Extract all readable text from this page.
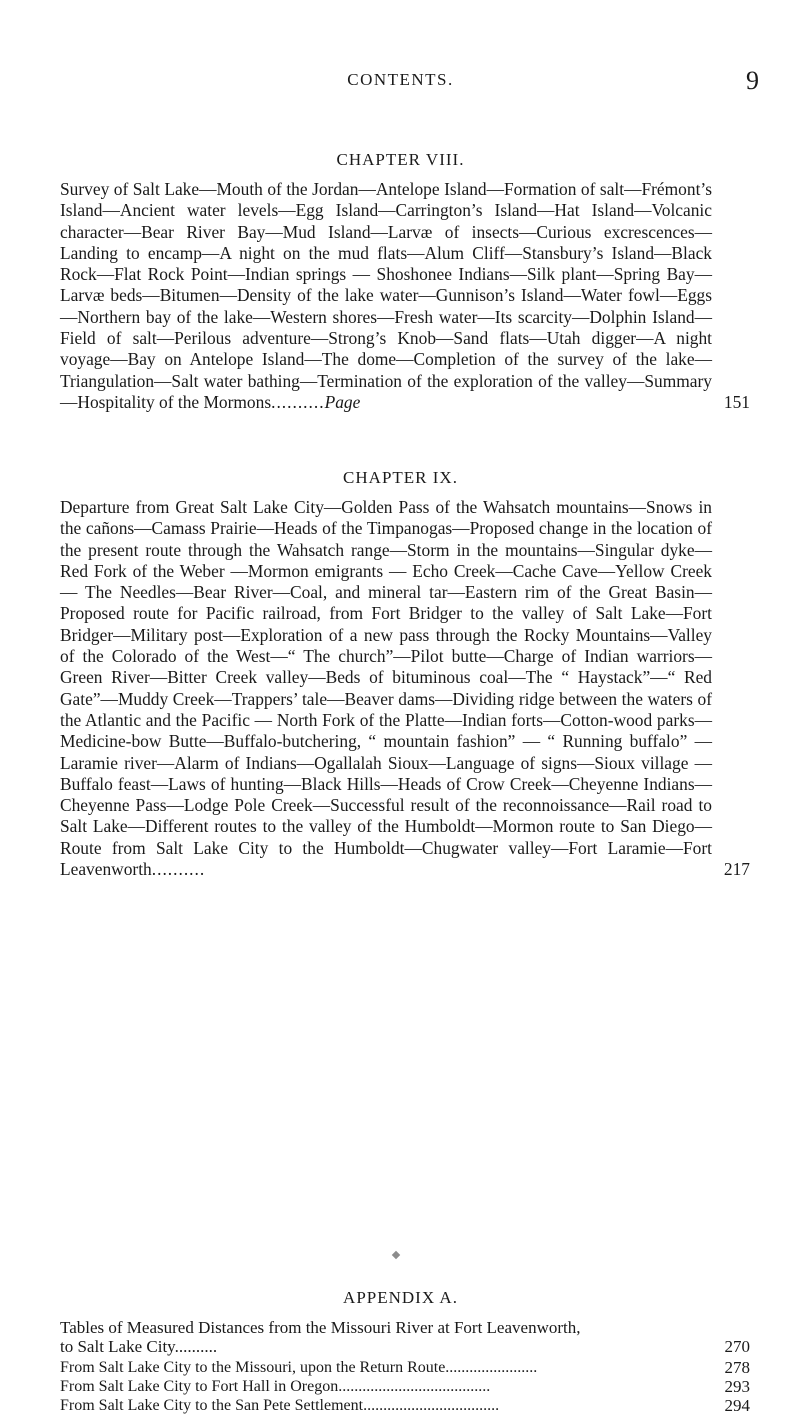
CONTENTS.	9
CHAPTER VIII.

Survey of Salt Lake—Mouth of the Jordan—Antelope Island—Formation of salt—Frémont’s Island—Ancient water levels—Egg Island—Carrington’s Island—Hat Island—Volcanic character—Bear River Bay—Mud Island—Larvæ of insects—Curious excrescences—Landing to encamp—A night on the mud flats—Alum Cliff—Stansbury’s Island—Black Rock—Flat Rock Point—Indian springs — Shoshonee Indians—Silk plant—Spring Bay—Larvæ beds—Bitumen—Density of the lake water—Gunnison’s Island—Water fowl—Eggs—Northern bay of the lake—Western shores—Fresh water—Its scarcity—Dolphin Island—Field of salt—Perilous adventure—Strong’s Knob—Sand flats—Utah digger—A night voyage—Bay on Antelope Island—The dome—Completion of the survey of the lake—Triangulation—Salt water bathing—Termination of the exploration of the valley—Summary—Hospitality of the Mormons..........Page	151

CHAPTER IX.

Departure from Great Salt Lake City—Golden Pass of the Wahsatch mountains—Snows in the cañons—Camass Prairie—Heads of the Timpanogas—Proposed change in the location of the present route through the Wahsatch range—Storm in the mountains—Singular dyke—Red Fork of the Weber —Mormon emigrants — Echo Creek—Cache Cave—Yellow Creek — The Needles—Bear River—Coal, and mineral tar—Eastern rim of the Great Basin—Proposed route for Pacific railroad, from Fort Bridger to the valley of Salt Lake—Fort Bridger—Military post—Exploration of a new pass through the Rocky Mountains—Valley of the Colorado of the West—“ The church”—Pilot butte—Charge of Indian warriors—Green River—Bitter Creek valley—Beds of bituminous coal—The “ Haystack”—“ Red Gate”—Muddy Creek—Trappers’ tale—Beaver dams—Dividing ridge between the waters of the Atlantic and the Pacific — North Fork of the Platte—Indian forts—Cotton-wood parks—Medicine-bow Butte—Buffalo-butchering, “ mountain fashion” — “ Running buffalo” — Laramie river—Alarm of Indians—Ogallalah Sioux—Language of signs—Sioux village — Buffalo feast—Laws of hunting—Black Hills—Heads of Crow Creek—Cheyenne Indians—Cheyenne Pass—Lodge Pole Creek—Successful result of the reconnoissance—Rail road to Salt Lake—Different routes to the valley of the Humboldt—Mormon route to San Diego—Route from Salt Lake City to the Humboldt—Chugwater valley—Fort Laramie—Fort Leavenworth..........	217

APPENDIX A.
Tables of Measured Distances from the Missouri River at Fort Leavenworth,
to Salt Lake City..........	270
From Salt Lake City to the Missouri, upon the Return Route.......................	278
From Salt Lake City to Fort Hall in Oregon......................................	293
From Salt Lake City to the San Pete Settlement..................................	294
